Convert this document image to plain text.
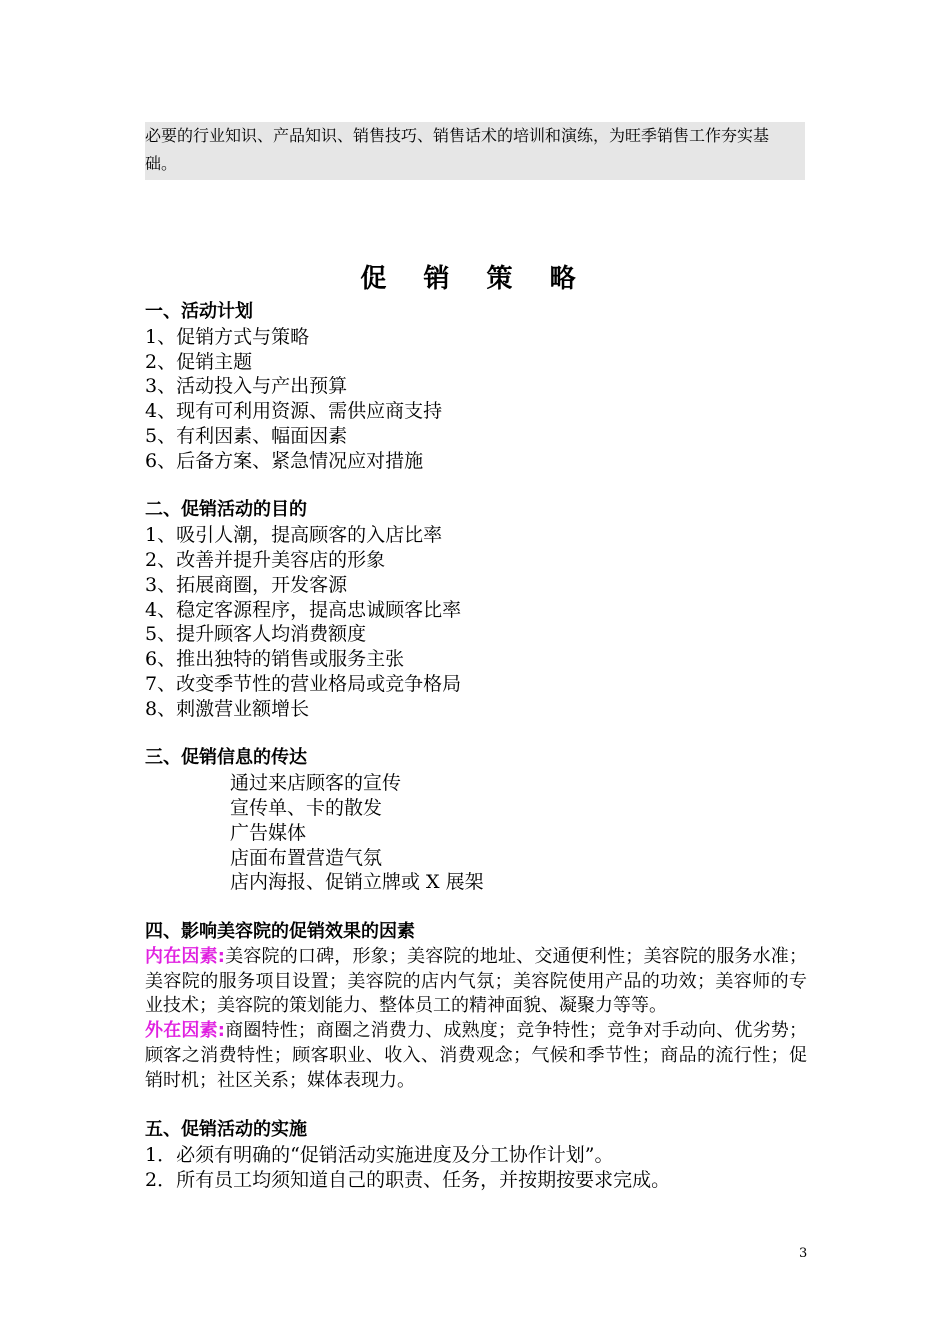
必要的行业知识、产品知识、销售技巧、销售话术的培训和演练，为旺季销售工作夯实基 础。
促 销 策 略
一、活动计划
1、促销方式与策略
2、促销主题
3、活动投入与产出预算
4、现有可利用资源、需供应商支持
5、有利因素、幅面因素
6、后备方案、紧急情况应对措施
二、促销活动的目的
1、吸引人潮，提高顾客的入店比率
2、改善并提升美容店的形象
3、拓展商圈，开发客源
4、稳定客源程序，提高忠诚顾客比率
5、提升顾客人均消费额度
6、推出独特的销售或服务主张
7、改变季节性的营业格局或竞争格局
8、刺激营业额增长
三、促销信息的传达
通过来店顾客的宣传
宣传单、卡的散发
广告媒体
店面布置营造气氛
店内海报、促销立牌或 X 展架
四、影响美容院的促销效果的因素
内在因素:美容院的口碑，形象；美容院的地址、交通便利性；美容院的服务水准；美容院的服务项目设置；美容院的店内气氛；美容院使用产品的功效；美容师的专业技术；美容院的策划能力、整体员工的精神面貌、凝聚力等等。
外在因素:商圈特性；商圈之消费力、成熟度；竞争特性；竞争对手动向、优劣势；顾客之消费特性；顾客职业、收入、消费观念；气候和季节性；商品的流行性；促销时机；社区关系；媒体表现力。
五、促销活动的实施
1．必须有明确的“促销活动实施进度及分工协作计划”。
2．所有员工均须知道自己的职责、任务，并按期按要求完成。
3
